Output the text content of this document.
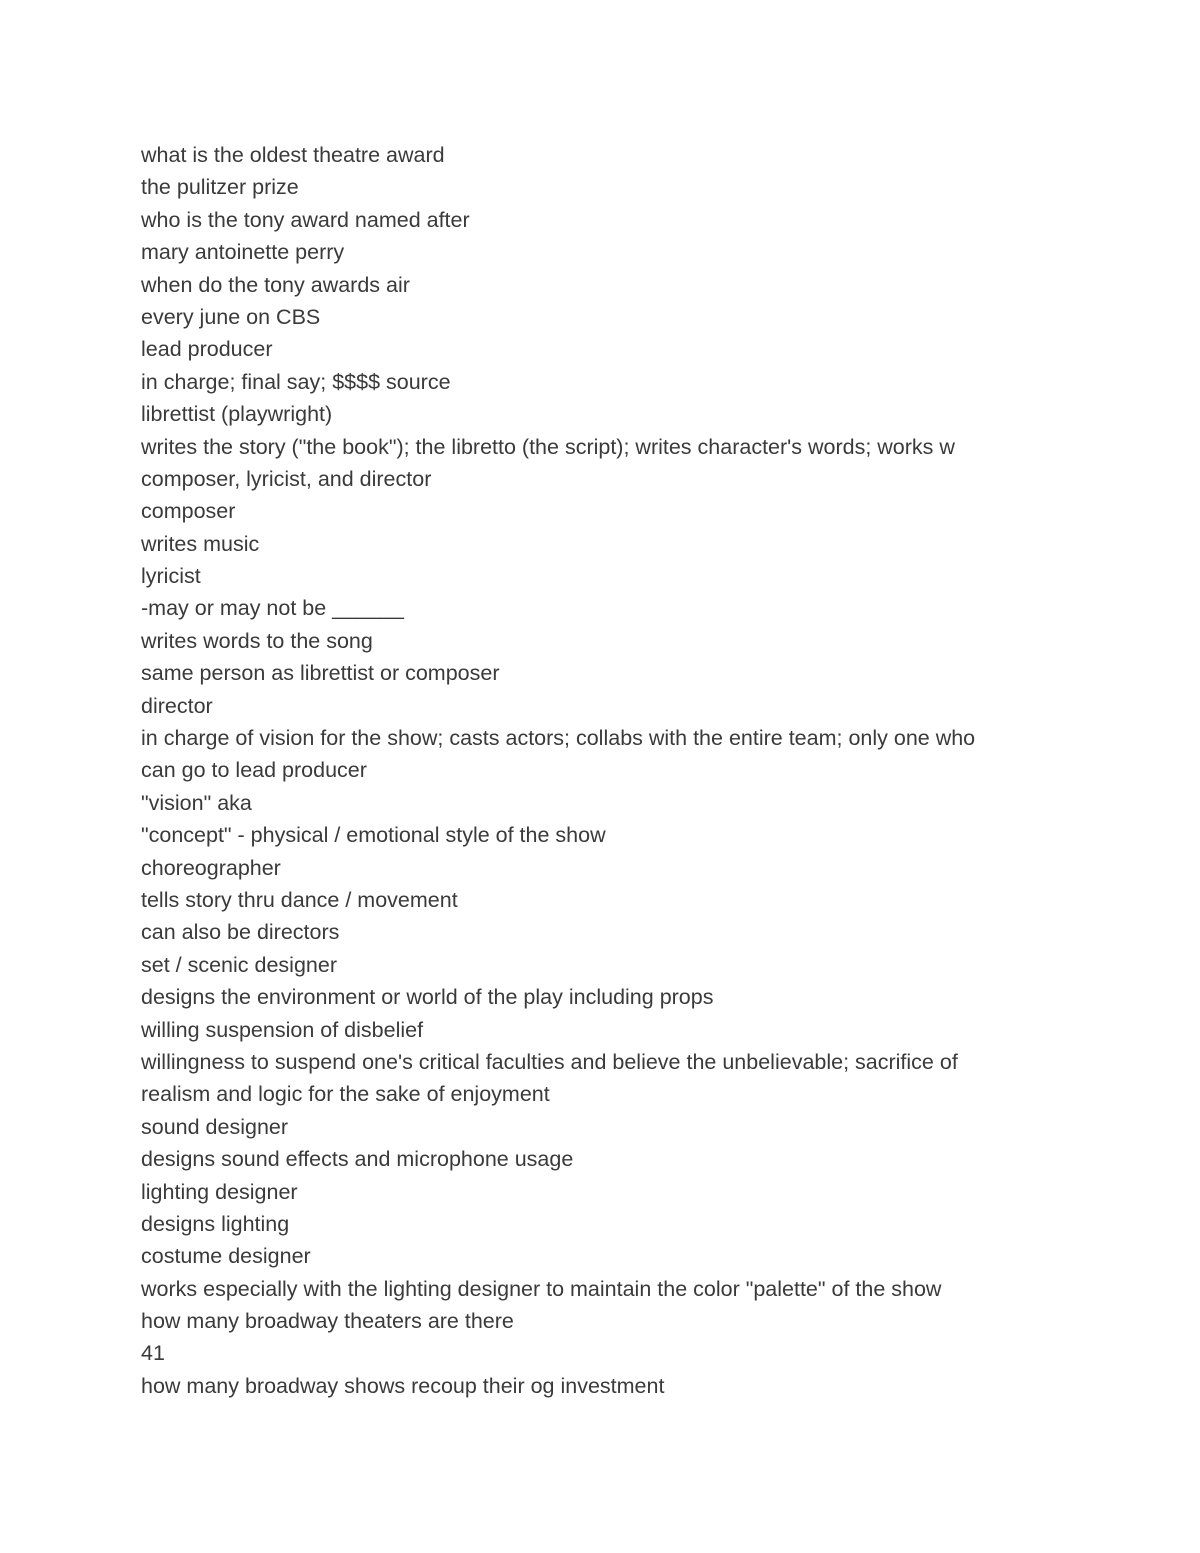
what is the oldest theatre award
the pulitzer prize
who is the tony award named after
mary antoinette perry
when do the tony awards air
every june on CBS
lead producer
in charge; final say; $$$$ source
librettist (playwright)
writes the story ("the book"); the libretto (the script); writes character's words; works w
composer, lyricist, and director
composer
writes music
lyricist
-may or may not be ______
writes words to the song
same person as librettist or composer
director
in charge of vision for the show; casts actors; collabs with the entire team; only one who
can go to lead producer
"vision" aka
"concept" - physical / emotional style of the show
choreographer
tells story thru dance / movement
can also be directors
set / scenic designer
designs the environment or world of the play including props
willing suspension of disbelief
willingness to suspend one's critical faculties and believe the unbelievable; sacrifice of
realism and logic for the sake of enjoyment
sound designer
designs sound effects and microphone usage
lighting designer
designs lighting
costume designer
works especially with the lighting designer to maintain the color "palette" of the show
how many broadway theaters are there
41
how many broadway shows recoup their og investment
